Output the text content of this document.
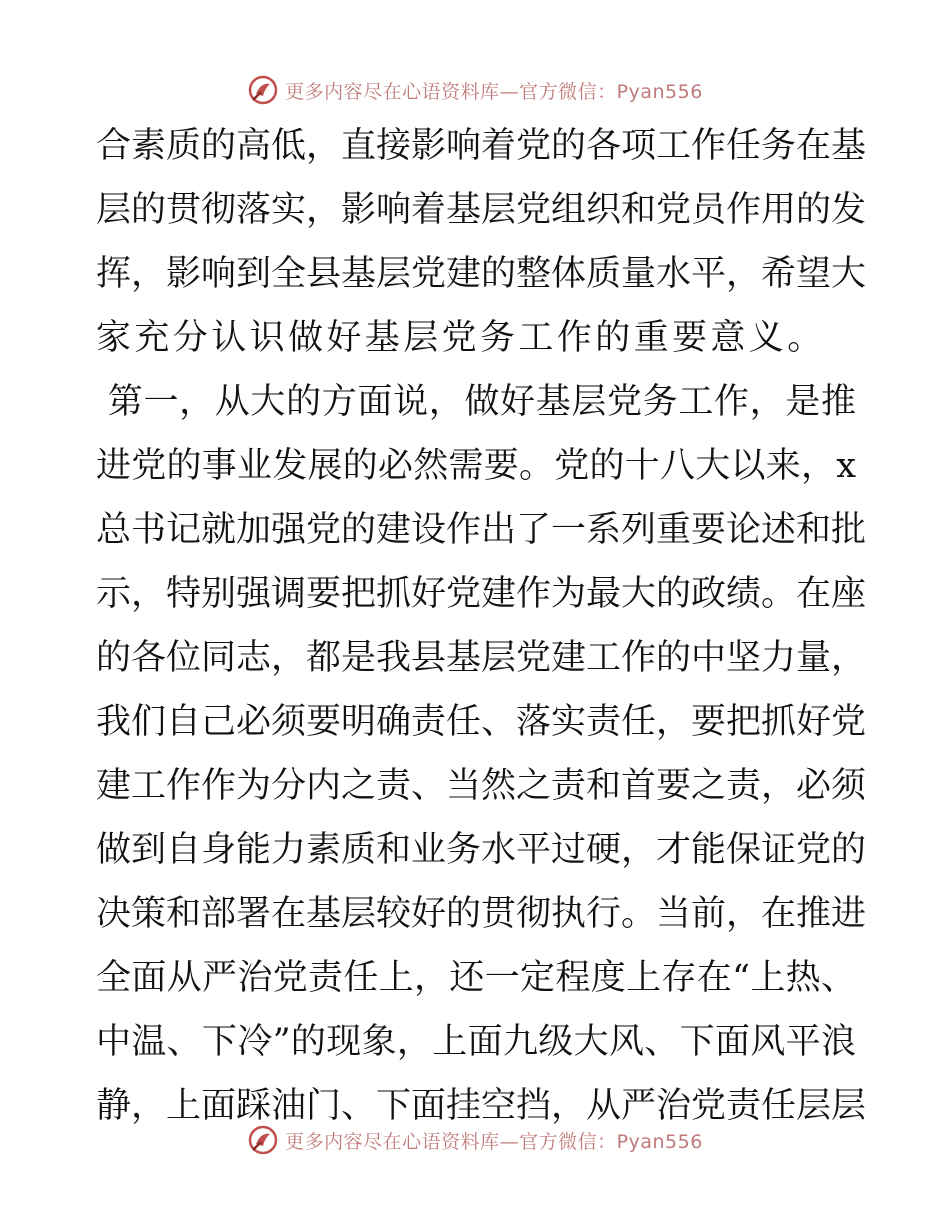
更多内容尽在心语资料库—官方微信：Pyan556
合素质的高低，直接影响着党的各项工作任务在基
层的贯彻落实，影响着基层党组织和党员作用的发
挥，影响到全县基层党建的整体质量水平，希望大
家充分认识做好基层党务工作的重要意义。
第一，从大的方面说，做好基层党务工作，是推
进党的事业发展的必然需要。党的十八大以来，x
总书记就加强党的建设作出了一系列重要论述和批
示，特别强调要把抓好党建作为最大的政绩。在座
的各位同志，都是我县基层党建工作的中坚力量，
我们自己必须要明确责任、落实责任，要把抓好党
建工作作为分内之责、当然之责和首要之责，必须
做到自身能力素质和业务水平过硬，才能保证党的
决策和部署在基层较好的贯彻执行。当前，在推进
全面从严治党责任上，还一定程度上存在“上热、
中温、下冷”的现象，上面九级大风、下面风平浪
静，上面踩油门、下面挂空挡，从严治党责任层层
更多内容尽在心语资料库—官方微信：Pyan556
